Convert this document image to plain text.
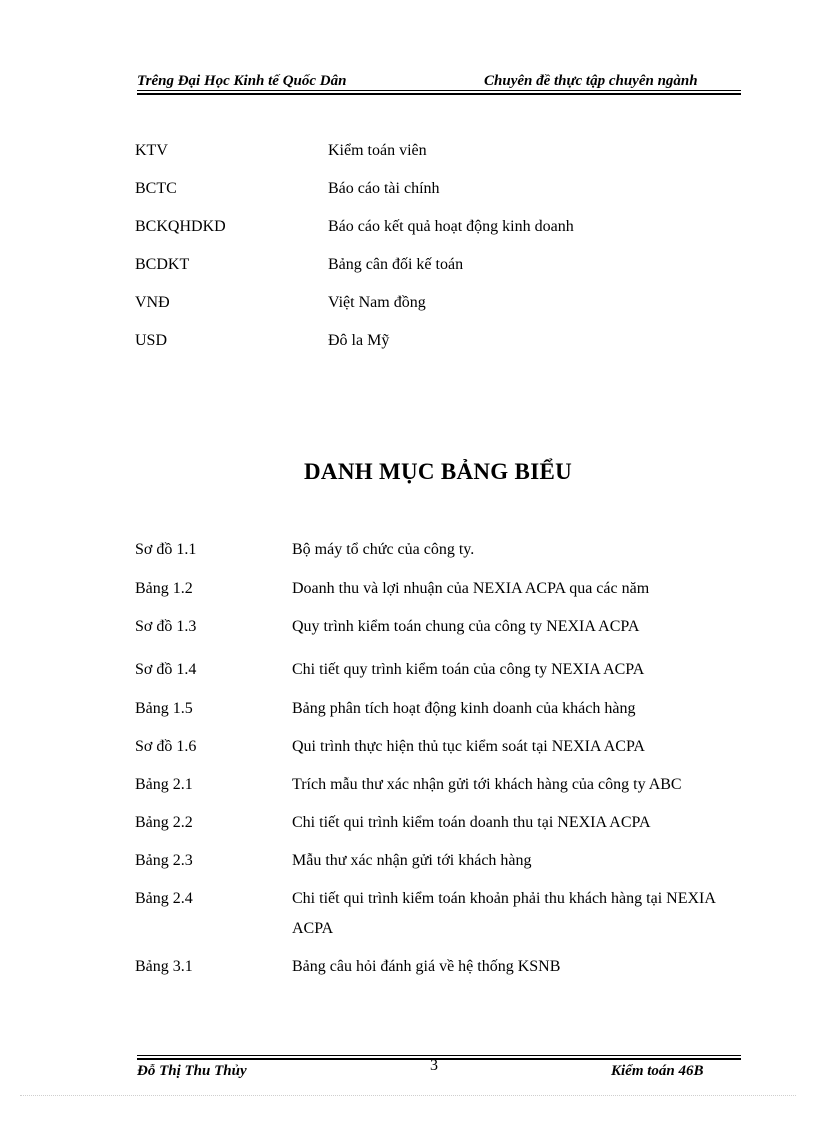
Trêng Đại Học Kinh tế Quốc Dân	Chuyên đề thực tập chuyên ngành
KTV	Kiểm toán viên
BCTC	Báo cáo tài chính
BCKQHDKD	Báo cáo kết quả hoạt động kinh doanh
BCDKT	Bảng cân đối kế toán
VNĐ	Việt Nam đồng
USD	Đô la Mỹ
DANH MỤC BẢNG BIỂU
Sơ đồ 1.1	Bộ máy tổ chức của công ty.
Bảng 1.2	Doanh thu và lợi nhuận của NEXIA ACPA qua các năm
Sơ đồ 1.3	Quy trình kiểm toán chung của công ty NEXIA ACPA
Sơ đồ 1.4	Chi tiết quy trình kiểm toán của công ty NEXIA ACPA
Bảng 1.5	Bảng phân tích hoạt động kinh doanh của khách hàng
Sơ đồ 1.6	Qui trình thực hiện thủ tục kiểm soát tại NEXIA ACPA
Bảng 2.1	Trích mẫu thư xác nhận gửi tới khách hàng của công ty ABC
Bảng 2.2	Chi tiết qui trình kiểm toán doanh thu tại NEXIA ACPA
Bảng 2.3	Mẫu thư xác nhận gửi tới khách hàng
Bảng 2.4	Chi tiết qui trình kiểm toán khoản phải thu khách hàng tại NEXIA ACPA
Bảng 3.1	Bảng câu hỏi đánh giá về hệ thống KSNB
Đỗ Thị Thu Thủy	3	Kiểm toán 46B
